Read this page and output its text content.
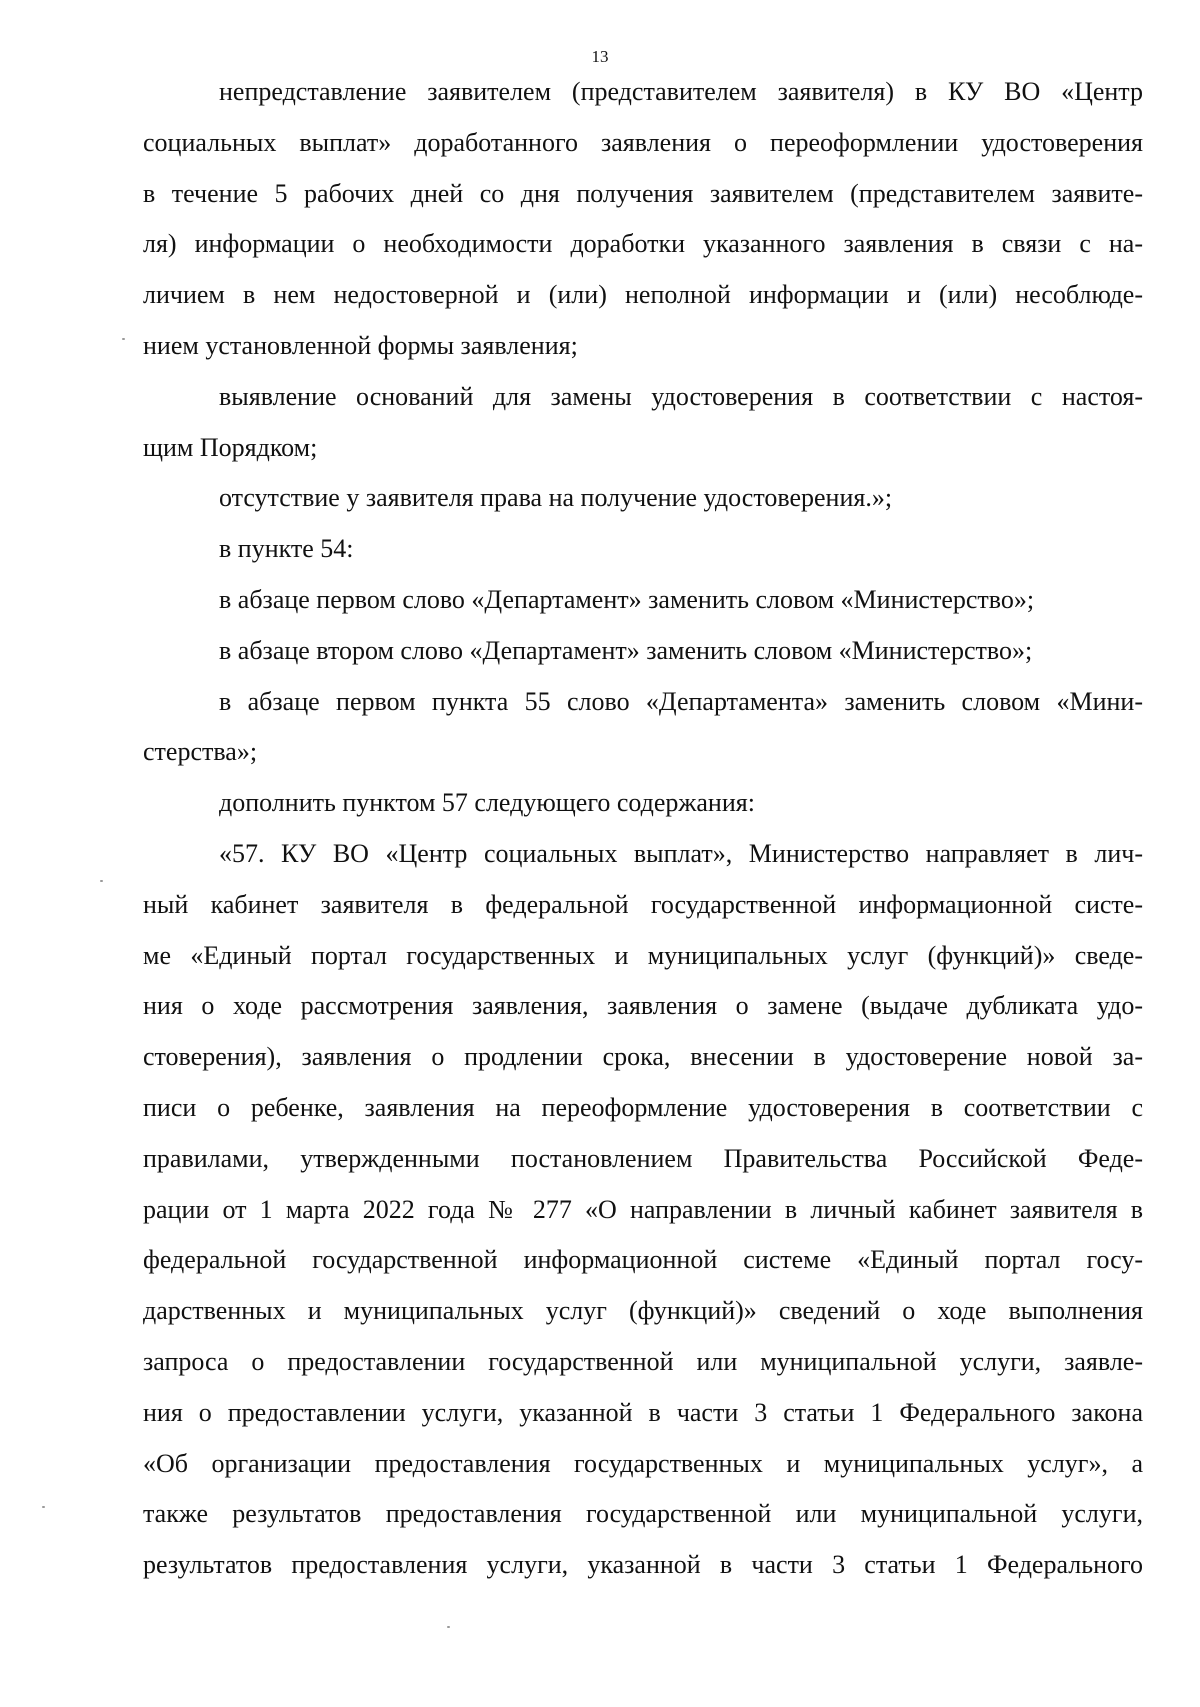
13
непредставление заявителем (представителем заявителя) в КУ ВО «Центр
социальных выплат» доработанного заявления о переоформлении удостоверения
в течение 5 рабочих дней со дня получения заявителем (представителем заявите-
ля) информации о необходимости доработки указанного заявления в связи с на-
личием в нем недостоверной и (или) неполной информации и (или) несоблюде-
нием установленной формы заявления;
выявление оснований для замены удостоверения в соответствии с настоя-
щим Порядком;
отсутствие у заявителя права на получение удостоверения.»;
в пункте 54:
в абзаце первом слово «Департамент» заменить словом «Министерство»;
в абзаце втором слово «Департамент» заменить словом «Министерство»;
в абзаце первом пункта 55 слово «Департамента» заменить словом «Мини-
стерства»;
дополнить пунктом 57 следующего содержания:
«57. КУ ВО «Центр социальных выплат», Министерство направляет в лич-
ный кабинет заявителя в федеральной государственной информационной систе-
ме «Единый портал государственных и муниципальных услуг (функций)» сведе-
ния о ходе рассмотрения заявления, заявления о замене (выдаче дубликата удо-
стоверения), заявления о продлении срока, внесении в удостоверение новой за-
писи о ребенке, заявления на переоформление удостоверения в соответствии с
правилами, утвержденными постановлением Правительства Российской Феде-
рации от 1 марта 2022 года № 277 «О направлении в личный кабинет заявителя в
федеральной государственной информационной системе «Единый портал госу-
дарственных и муниципальных услуг (функций)» сведений о ходе выполнения
запроса о предоставлении государственной или муниципальной услуги, заявле-
ния о предоставлении услуги, указанной в части 3 статьи 1 Федерального закона
«Об организации предоставления государственных и муниципальных услуг», а
также результатов предоставления государственной или муниципальной услуги,
результатов предоставления услуги, указанной в части 3 статьи 1 Федерального
